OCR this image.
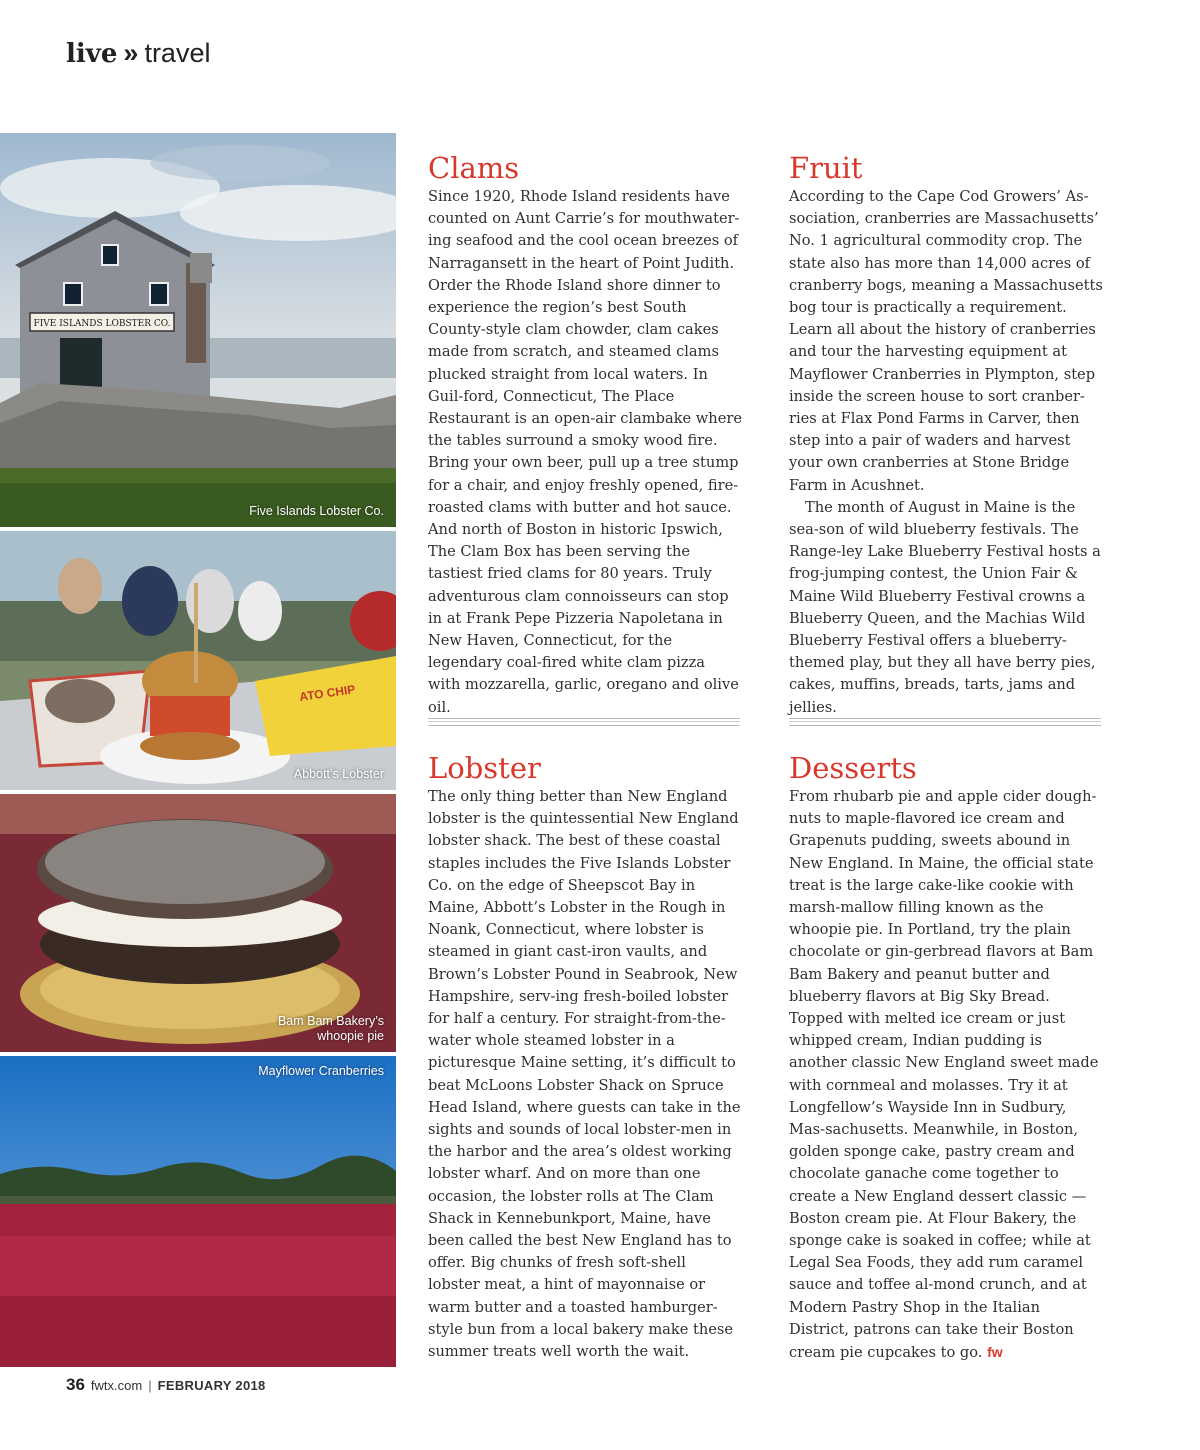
live » travel
FIVE ISLANDS LOBSTER CO.
Five Islands Lobster Co.
ATO CHIP
Abbott’s Lobster
Bam Bam Bakery’s
whoopie pie
Mayflower Cranberries
Clams

Since 1920, Rhode Island residents have counted on Aunt Carrie’s for mouthwater-ing seafood and the cool ocean breezes of Narragansett in the heart of Point Judith. Order the Rhode Island shore dinner to experience the region’s best South County-style clam chowder, clam cakes made from scratch, and steamed clams plucked straight from local waters. In Guil-ford, Connecticut, The Place Restaurant is an open-air clambake where the tables surround a smoky wood fire. Bring your own beer, pull up a tree stump for a chair, and enjoy freshly opened, fire-roasted clams with butter and hot sauce. And north of Boston in historic Ipswich, The Clam Box has been serving the tastiest fried clams for 80 years. Truly adventurous clam connoisseurs can stop in at Frank Pepe Pizzeria Napoletana in New Haven, Connecticut, for the legendary coal-fired white clam pizza with mozzarella, garlic, oregano and olive oil.

Fruit

According to the Cape Cod Growers’ As-sociation, cranberries are Massachusetts’ No. 1 agricultural commodity crop. The state also has more than 14,000 acres of cranberry bogs, meaning a Massachusetts bog tour is practically a requirement. Learn all about the history of cranberries and tour the harvesting equipment at Mayflower Cranberries in Plympton, step inside the screen house to sort cranber-ries at Flax Pond Farms in Carver, then step into a pair of waders and harvest your own cranberries at Stone Bridge Farm in Acushnet.

The month of August in Maine is the sea-son of wild blueberry festivals. The Range-ley Lake Blueberry Festival hosts a frog-jumping contest, the Union Fair & Maine Wild Blueberry Festival crowns a Blueberry Queen, and the Machias Wild Blueberry Festival offers a blueberry-themed play, but they all have berry pies, cakes, muffins, breads, tarts, jams and jellies.

Lobster

The only thing better than New England lobster is the quintessential New England lobster shack. The best of these coastal staples includes the Five Islands Lobster Co. on the edge of Sheepscot Bay in Maine, Abbott’s Lobster in the Rough in Noank, Connecticut, where lobster is steamed in giant cast-iron vaults, and Brown’s Lobster Pound in Seabrook, New Hampshire, serv-ing fresh-boiled lobster for half a century. For straight-from-the-water whole steamed lobster in a picturesque Maine setting, it’s difficult to beat McLoons Lobster Shack on Spruce Head Island, where guests can take in the sights and sounds of local lobster-men in the harbor and the area’s oldest working lobster wharf. And on more than one occasion, the lobster rolls at The Clam Shack in Kennebunkport, Maine, have been called the best New England has to offer. Big chunks of fresh soft-shell lobster meat, a hint of mayonnaise or warm butter and a toasted hamburger-style bun from a local bakery make these summer treats well worth the wait.

Desserts

From rhubarb pie and apple cider dough-nuts to maple-flavored ice cream and Grapenuts pudding, sweets abound in New England. In Maine, the official state treat is the large cake-like cookie with marsh-mallow filling known as the whoopie pie. In Portland, try the plain chocolate or gin-gerbread flavors at Bam Bam Bakery and peanut butter and blueberry flavors at Big Sky Bread. Topped with melted ice cream or just whipped cream, Indian pudding is another classic New England sweet made with cornmeal and molasses. Try it at Longfellow’s Wayside Inn in Sudbury, Mas-sachusetts. Meanwhile, in Boston, golden sponge cake, pastry cream and chocolate ganache come together to create a New England dessert classic — Boston cream pie. At Flour Bakery, the sponge cake is soaked in coffee; while at Legal Sea Foods, they add rum caramel sauce and toffee al-mond crunch, and at Modern Pastry Shop in the Italian District, patrons can take their Boston cream pie cupcakes to go. fw

36 fwtx.com | FEBRUARY 2018
